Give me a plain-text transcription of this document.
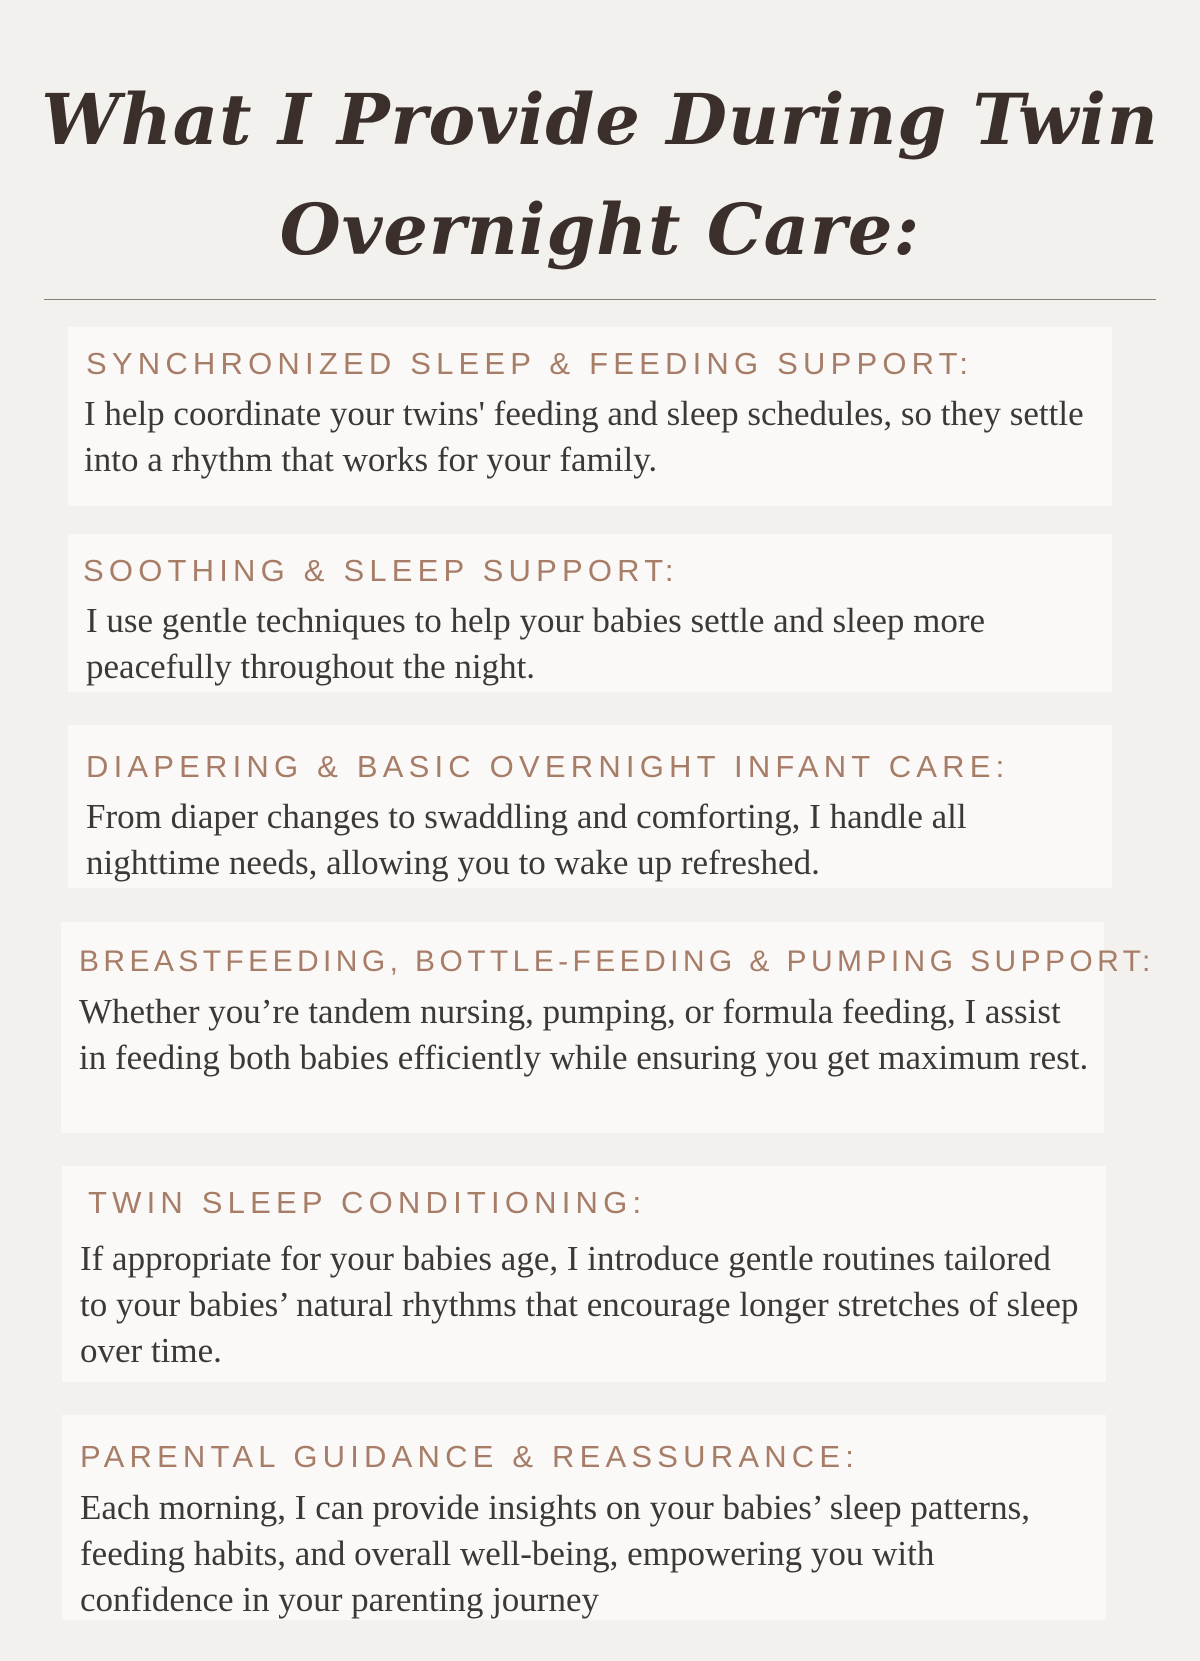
What I Provide During Twin
Overnight Care:
SYNCHRONIZED SLEEP & FEEDING SUPPORT:

I help coordinate your twins' feeding and sleep schedules, so they settle into a rhythm that works for your family.

SOOTHING & SLEEP SUPPORT:

I use gentle techniques to help your babies settle and sleep more peacefully throughout the night.

DIAPERING & BASIC OVERNIGHT INFANT CARE:

From diaper changes to swaddling and comforting, I handle all nighttime needs, allowing you to wake up refreshed.

BREASTFEEDING, BOTTLE-FEEDING & PUMPING SUPPORT:

Whether you’re tandem nursing, pumping, or formula feeding, I assist in feeding both babies efficiently while ensuring you get maximum rest.

TWIN SLEEP CONDITIONING:

If appropriate for your babies age, I introduce gentle routines tailored to your babies’ natural rhythms that encourage longer stretches of sleep over time.

PARENTAL GUIDANCE & REASSURANCE:

Each morning, I can provide insights on your babies’ sleep patterns, feeding habits, and overall well-being, empowering you with confidence in your parenting journey
